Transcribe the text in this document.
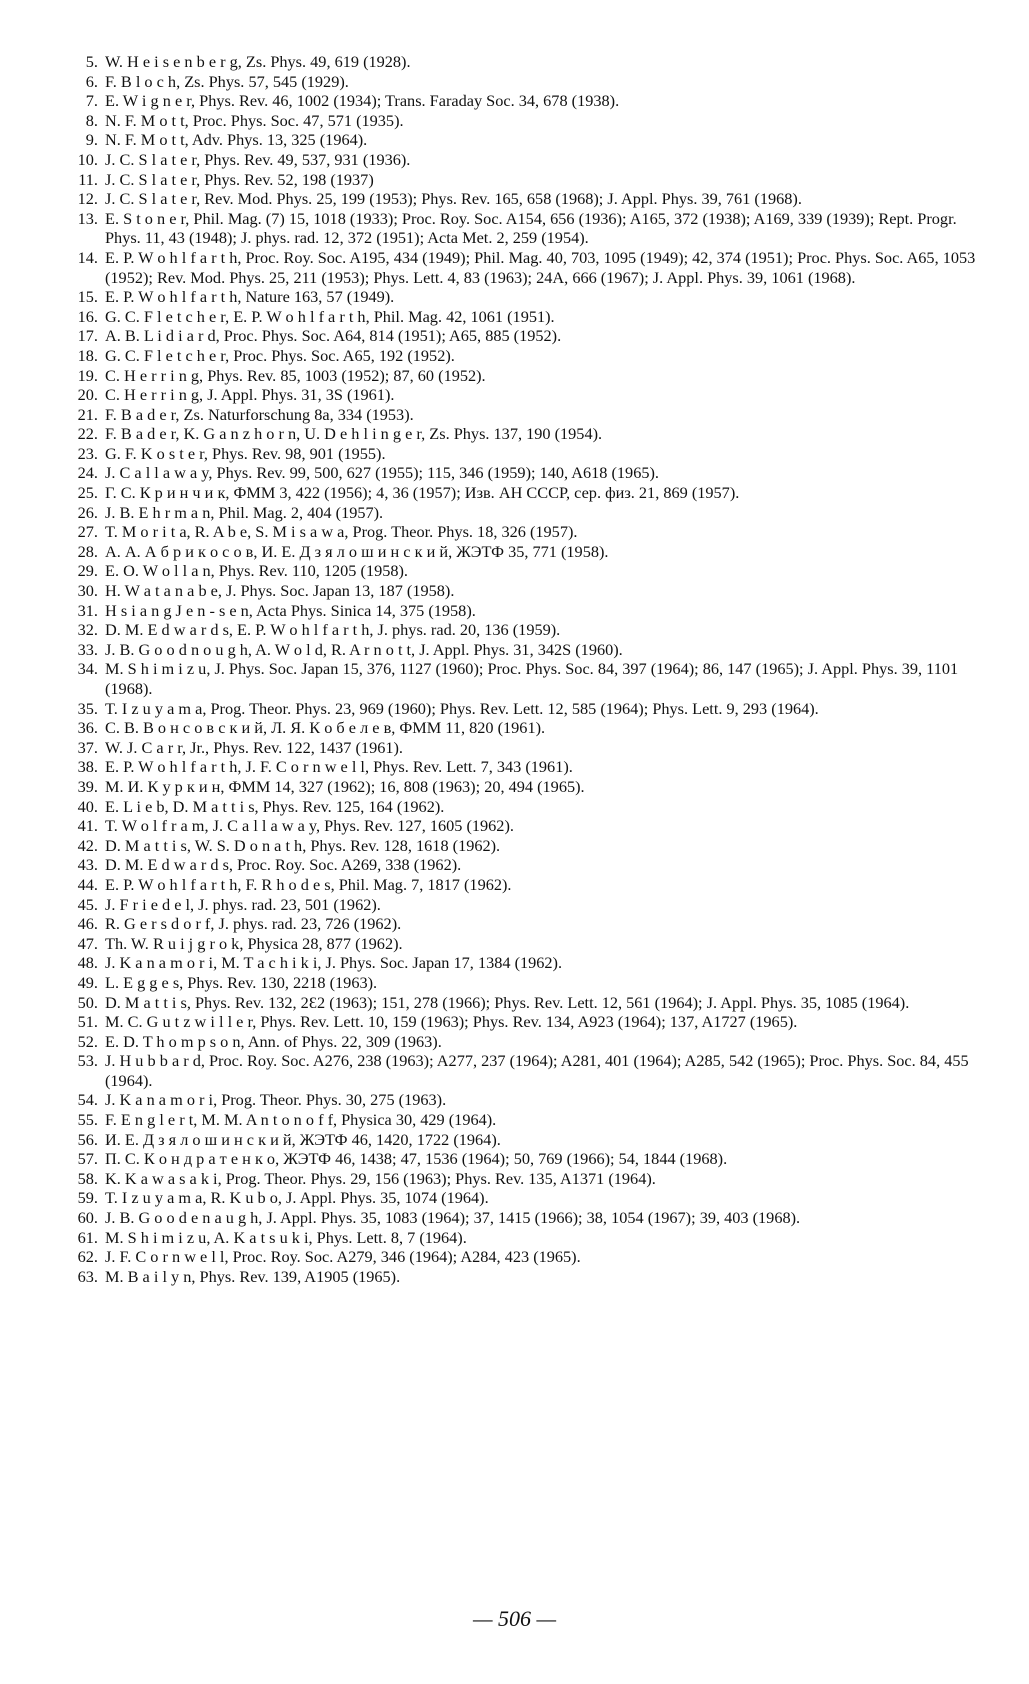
5. W. H e i s e n b e r g, Zs. Phys. 49, 619 (1928).
6. F. B l o c h, Zs. Phys. 57, 545 (1929).
7. E. W i g n e r, Phys. Rev. 46, 1002 (1934); Trans. Faraday Soc. 34, 678 (1938).
8. N. F. M o t t, Proc. Phys. Soc. 47, 571 (1935).
9. N. F. M o t t, Adv. Phys. 13, 325 (1964).
10. J. C. S l a t e r, Phys. Rev. 49, 537, 931 (1936).
11. J. C. S l a t e r, Phys. Rev. 52, 198 (1937)
12. J. C. S l a t e r, Rev. Mod. Phys. 25, 199 (1953); Phys. Rev. 165, 658 (1968); J. Appl. Phys. 39, 761 (1968).
13. E. S t o n e r, Phil. Mag. (7) 15, 1018 (1933); Proc. Roy. Soc. A154, 656 (1936); A165, 372 (1938); A169, 339 (1939); Rept. Progr. Phys. 11, 43 (1948); J. phys. rad. 12, 372 (1951); Acta Met. 2, 259 (1954).
14. E. P. W o h l f a r t h, Proc. Roy. Soc. A195, 434 (1949); Phil. Mag. 40, 703, 1095 (1949); 42, 374 (1951); Proc. Phys. Soc. A65, 1053 (1952); Rev. Mod. Phys. 25, 211 (1953); Phys. Lett. 4, 83 (1963); 24A, 666 (1967); J. Appl. Phys. 39, 1061 (1968).
15. E. P. W o h l f a r t h, Nature 163, 57 (1949).
16. G. C. F l e t c h e r, E. P. W o h l f a r t h, Phil. Mag. 42, 1061 (1951).
17. A. B. L i d i a r d, Proc. Phys. Soc. A64, 814 (1951); A65, 885 (1952).
18. G. C. F l e t c h e r, Proc. Phys. Soc. A65, 192 (1952).
19. C. H e r r i n g, Phys. Rev. 85, 1003 (1952); 87, 60 (1952).
20. C. H e r r i n g, J. Appl. Phys. 31, 3S (1961).
21. F. B a d e r, Zs. Naturforschung 8a, 334 (1953).
22. F. B a d e r, K. G a n z h o r n, U. D e h l i n g e r, Zs. Phys. 137, 190 (1954).
23. G. F. K o s t e r, Phys. Rev. 98, 901 (1955).
24. J. C a l l a w a y, Phys. Rev. 99, 500, 627 (1955); 115, 346 (1959); 140, A618 (1965).
25. Г. С. К р и н ч и к, ФММ 3, 422 (1956); 4, 36 (1957); Изв. АН СССР, сер. физ. 21, 869 (1957).
26. J. B. E h r m a n, Phil. Mag. 2, 404 (1957).
27. T. M o r i t a, R. A b e, S. M i s a w a, Prog. Theor. Phys. 18, 326 (1957).
28. А. А. А б р и к о с о в, И. Е. Д з я л о ш и н с к и й, ЖЭТФ 35, 771 (1958).
29. E. O. W o l l a n, Phys. Rev. 110, 1205 (1958).
30. H. W a t a n a b e, J. Phys. Soc. Japan 13, 187 (1958).
31. H s i a n g J e n - s e n, Acta Phys. Sinica 14, 375 (1958).
32. D. M. E d w a r d s, E. P. W o h l f a r t h, J. phys. rad. 20, 136 (1959).
33. J. B. G o o d n o u g h, A. W o l d, R. A r n o t t, J. Appl. Phys. 31, 342S (1960).
34. M. S h i m i z u, J. Phys. Soc. Japan 15, 376, 1127 (1960); Proc. Phys. Soc. 84, 397 (1964); 86, 147 (1965); J. Appl. Phys. 39, 1101 (1968).
35. T. I z u y a m a, Prog. Theor. Phys. 23, 969 (1960); Phys. Rev. Lett. 12, 585 (1964); Phys. Lett. 9, 293 (1964).
36. С. В. В о н с о в с к и й, Л. Я. К о б е л е в, ФММ 11, 820 (1961).
37. W. J. C a r r, Jr., Phys. Rev. 122, 1437 (1961).
38. E. P. W o h l f a r t h, J. F. C o r n w e l l, Phys. Rev. Lett. 7, 343 (1961).
39. М. И. К у р к и н, ФММ 14, 327 (1962); 16, 808 (1963); 20, 494 (1965).
40. E. L i e b, D. M a t t i s, Phys. Rev. 125, 164 (1962).
41. T. W o l f r a m, J. C a l l a w a y, Phys. Rev. 127, 1605 (1962).
42. D. M a t t i s, W. S. D o n a t h, Phys. Rev. 128, 1618 (1962).
43. D. M. E d w a r d s, Proc. Roy. Soc. A269, 338 (1962).
44. E. P. W o h l f a r t h, F. R h o d e s, Phil. Mag. 7, 1817 (1962).
45. J. F r i e d e l, J. phys. rad. 23, 501 (1962).
46. R. G e r s d o r f, J. phys. rad. 23, 726 (1962).
47. Th. W. R u i j g r o k, Physica 28, 877 (1962).
48. J. K a n a m o r i, M. T a c h i k i, J. Phys. Soc. Japan 17, 1384 (1962).
49. L. E g g e s, Phys. Rev. 130, 2218 (1963).
50. D. M a t t i s, Phys. Rev. 132, 2Ԑ2 (1963); 151, 278 (1966); Phys. Rev. Lett. 12, 561 (1964); J. Appl. Phys. 35, 1085 (1964).
51. M. C. G u t z w i l l e r, Phys. Rev. Lett. 10, 159 (1963); Phys. Rev. 134, A923 (1964); 137, A1727 (1965).
52. E. D. T h o m p s o n, Ann. of Phys. 22, 309 (1963).
53. J. H u b b a r d, Proc. Roy. Soc. A276, 238 (1963); A277, 237 (1964); A281, 401 (1964); A285, 542 (1965); Proc. Phys. Soc. 84, 455 (1964).
54. J. K a n a m o r i, Prog. Theor. Phys. 30, 275 (1963).
55. F. E n g l e r t, M. M. A n t o n o f f, Physica 30, 429 (1964).
56. И. Е. Д з я л о ш и н с к и й, ЖЭТФ 46, 1420, 1722 (1964).
57. П. С. К о н д р а т е н к о, ЖЭТФ 46, 1438; 47, 1536 (1964); 50, 769 (1966); 54, 1844 (1968).
58. K. K a w a s a k i, Prog. Theor. Phys. 29, 156 (1963); Phys. Rev. 135, A1371 (1964).
59. T. I z u y a m a, R. K u b o, J. Appl. Phys. 35, 1074 (1964).
60. J. B. G o o d e n a u g h, J. Appl. Phys. 35, 1083 (1964); 37, 1415 (1966); 38, 1054 (1967); 39, 403 (1968).
61. M. S h i m i z u, A. K a t s u k i, Phys. Lett. 8, 7 (1964).
62. J. F. C o r n w e l l, Proc. Roy. Soc. A279, 346 (1964); A284, 423 (1965).
63. M. B a i l y n, Phys. Rev. 139, A1905 (1965).
— 506 —
